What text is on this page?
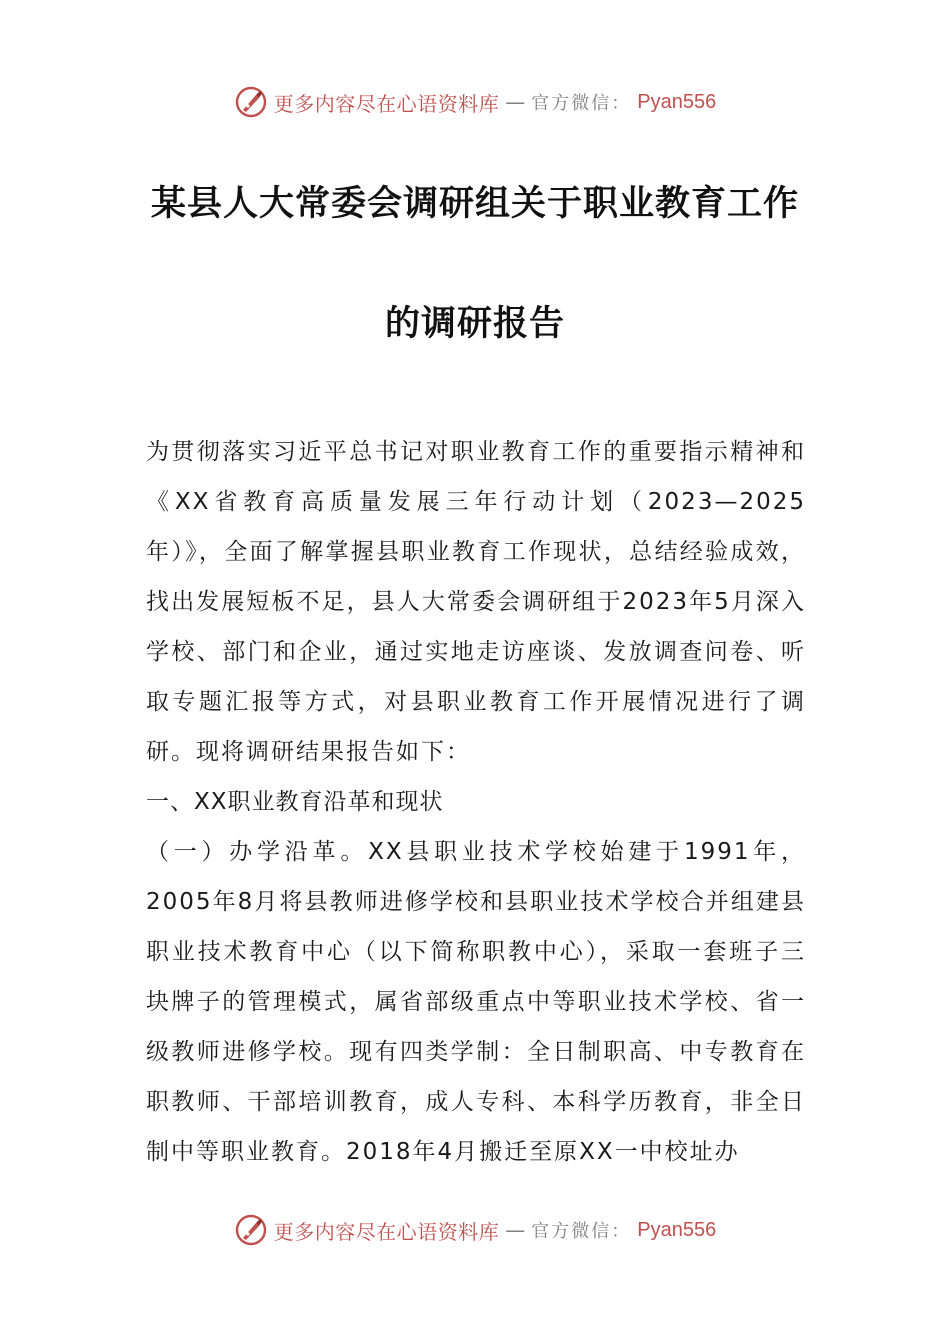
更多内容尽在心语资料库 — 官方微信： Pyan556
某县人大常委会调研组关于职业教育工作
的调研报告

为贯彻落实习近平总书记对职业教育工作的重要指示精神和《XX省教育高质量发展三年行动计划（2023—2025年）》，全面了解掌握县职业教育工作现状，总结经验成效，找出发展短板不足，县人大常委会调研组于2023年5月深入学校、部门和企业，通过实地走访座谈、发放调查问卷、听取专题汇报等方式，对县职业教育工作开展情况进行了调研。现将调研结果报告如下：

一、XX职业教育沿革和现状

（一）办学沿革。XX县职业技术学校始建于1991年，2005年8月将县教师进修学校和县职业技术学校合并组建县职业技术教育中心（以下简称职教中心），采取一套班子三块牌子的管理模式，属省部级重点中等职业技术学校、省一级教师进修学校。现有四类学制：全日制职高、中专教育在职教师、干部培训教育，成人专科、本科学历教育，非全日制中等职业教育。2018年4月搬迁至原XX一中校址办

更多内容尽在心语资料库 — 官方微信： Pyan556
